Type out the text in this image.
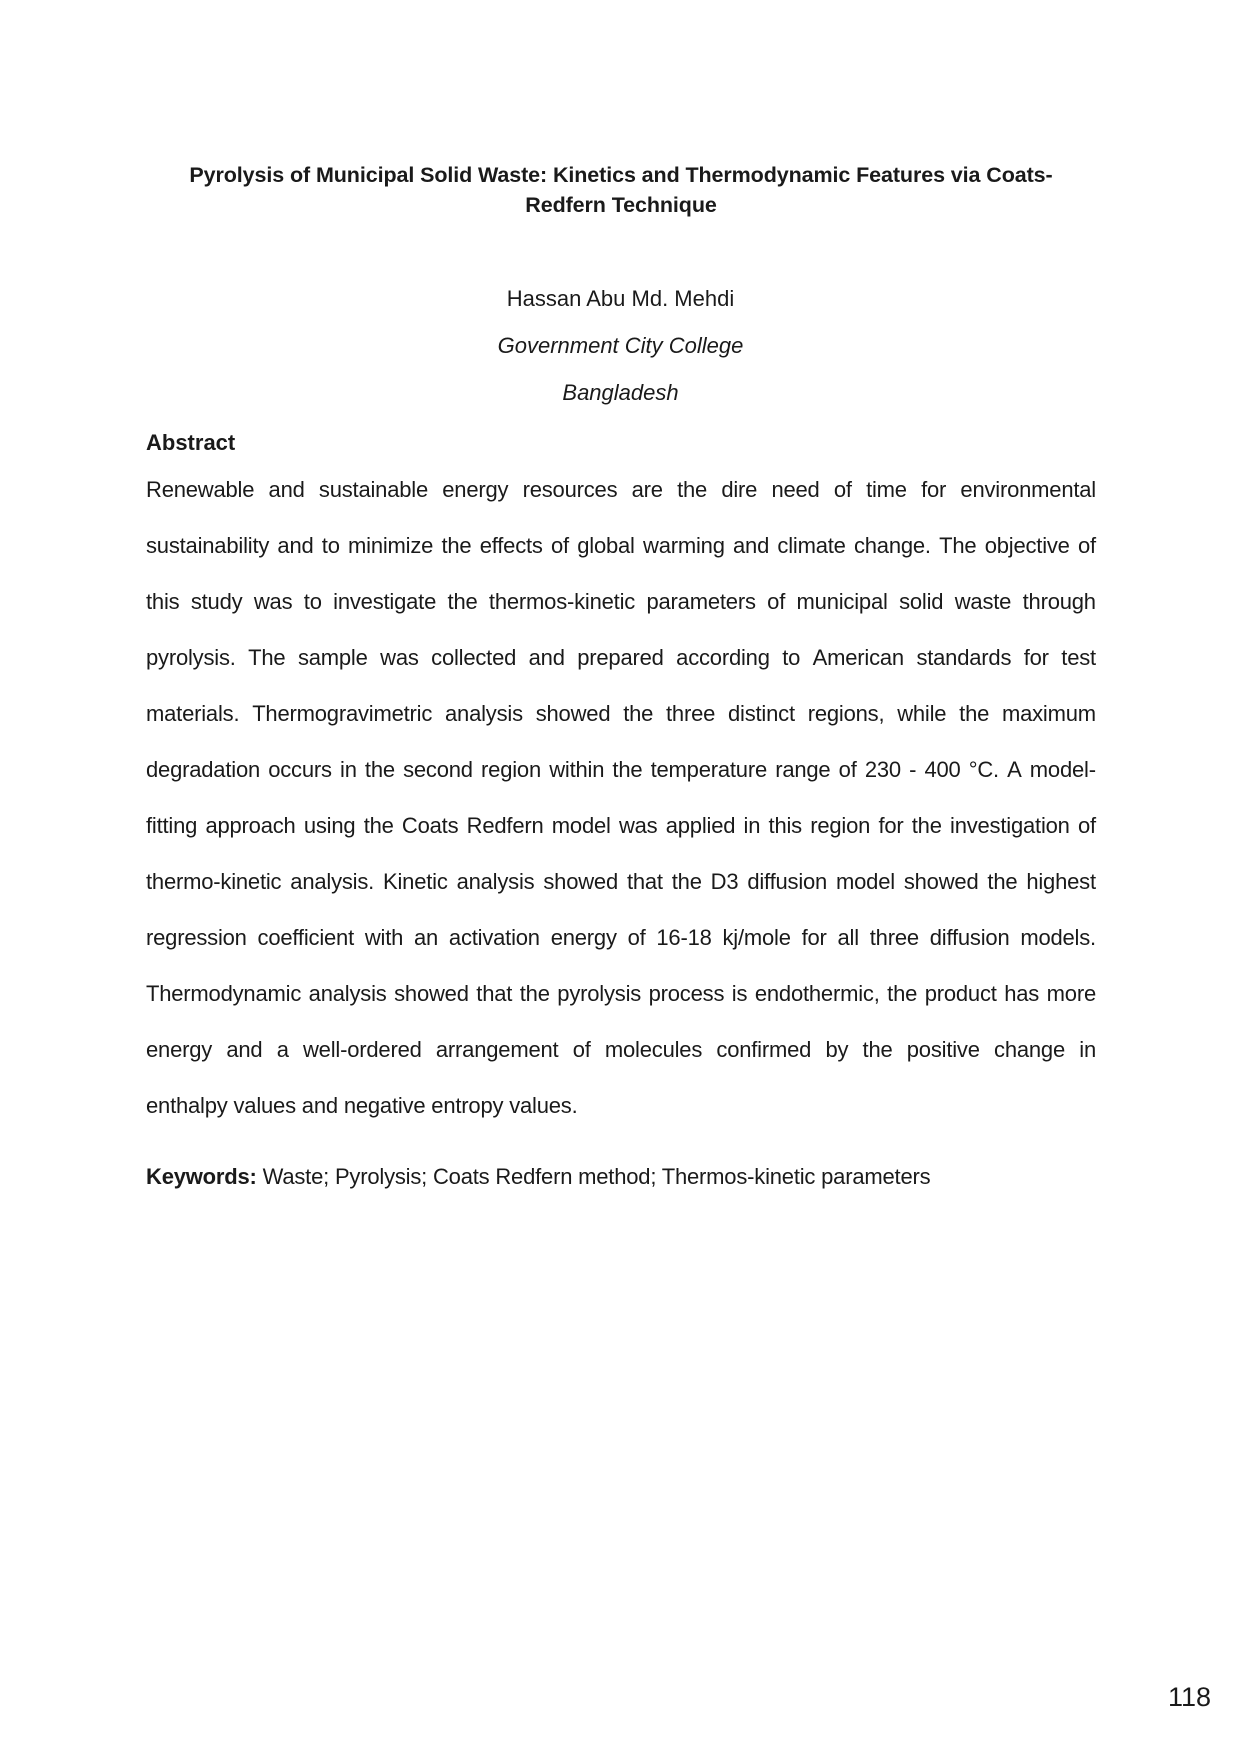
Pyrolysis of Municipal Solid Waste: Kinetics and Thermodynamic Features via Coats-
Redfern Technique
Hassan Abu Md. Mehdi
Government City College
Bangladesh
Abstract
Renewable and sustainable energy resources are the dire need of time for environmental
sustainability and to minimize the effects of global warming and climate change. The objective of
this study was to investigate the thermos-kinetic parameters of municipal solid waste through
pyrolysis. The sample was collected and prepared according to American standards for test
materials. Thermogravimetric analysis showed the three distinct regions, while the maximum
degradation occurs in the second region within the temperature range of 230 - 400 °C. A model-
fitting approach using the Coats Redfern model was applied in this region for the investigation of
thermo-kinetic analysis. Kinetic analysis showed that the D3 diffusion model showed the highest
regression coefficient with an activation energy of 16-18 kj/mole for all three diffusion models.
Thermodynamic analysis showed that the pyrolysis process is endothermic, the product has more
energy and a well-ordered arrangement of molecules confirmed by the positive change in
enthalpy values and negative entropy values.
Keywords: Waste; Pyrolysis; Coats Redfern method; Thermos-kinetic parameters
118
